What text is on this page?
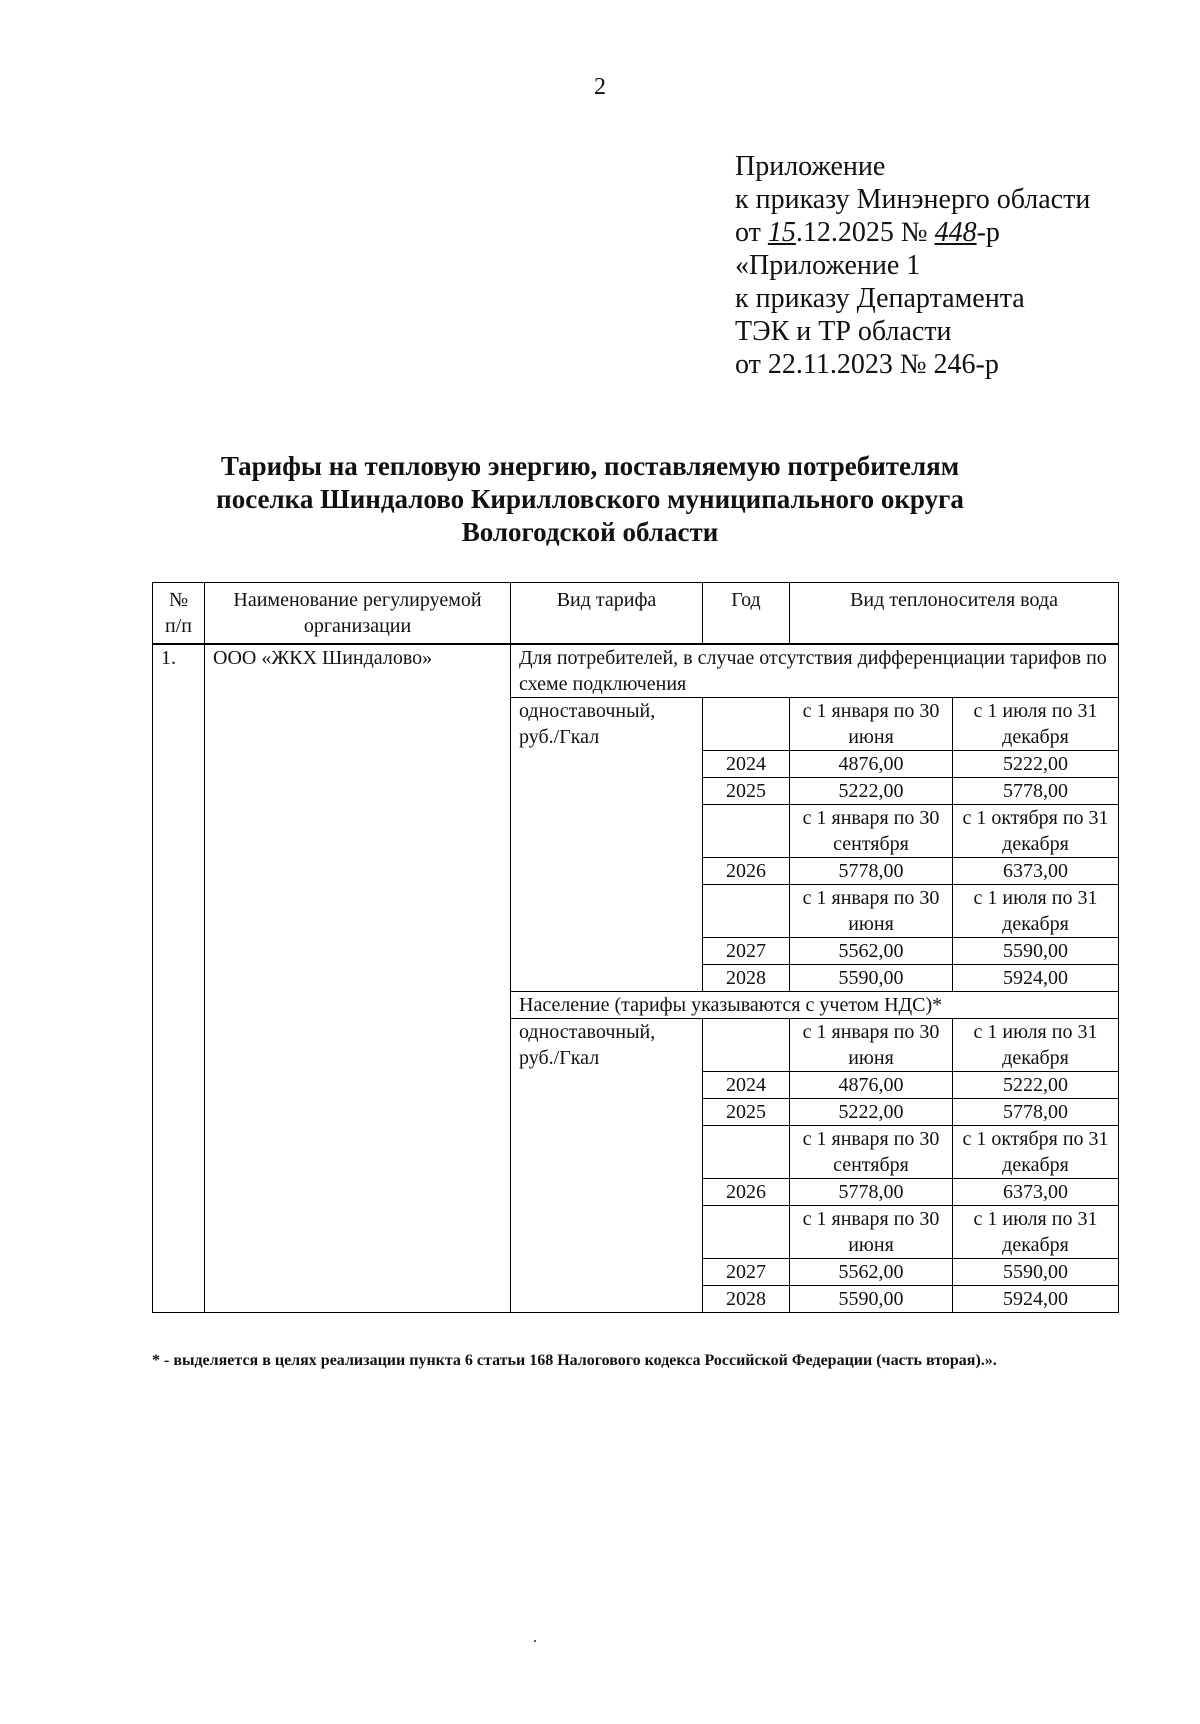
2
Приложение
к приказу Минэнерго области
от 15.12.2025 № 448-р
«Приложение 1
к приказу Департамента
ТЭК и ТР области
от 22.11.2023 № 246-р
Тарифы на тепловую энергию, поставляемую потребителям
поселка Шиндалово Кирилловского муниципального округа
Вологодской области
№ п/п	Наименование регулируемой организации	Вид тарифа	Год	Вид теплоносителя вода	
1.	ООО «ЖКХ Шиндалово»	Для потребителей, в случае отсутствия дифференциации тарифов по схеме подключения			
		одноставочный, руб./Гкал		с 1 января по 30 июня	с 1 июля по 31 декабря
			2024	4876,00	5222,00
			2025	5222,00	5778,00
				с 1 января по 30 сентября	с 1 октября по 31 декабря
			2026	5778,00	6373,00
				с 1 января по 30 июня	с 1 июля по 31 декабря
			2027	5562,00	5590,00
			2028	5590,00	5924,00
		Население (тарифы указываются с учетом НДС)*			
		одноставочный, руб./Гкал		с 1 января по 30 июня	с 1 июля по 31 декабря
			2024	4876,00	5222,00
			2025	5222,00	5778,00
				с 1 января по 30 сентября	с 1 октября по 31 декабря
			2026	5778,00	6373,00
				с 1 января по 30 июня	с 1 июля по 31 декабря
			2027	5562,00	5590,00
			2028	5590,00	5924,00
* - выделяется в целях реализации пункта 6 статьи 168 Налогового кодекса Российской Федерации (часть вторая).».
